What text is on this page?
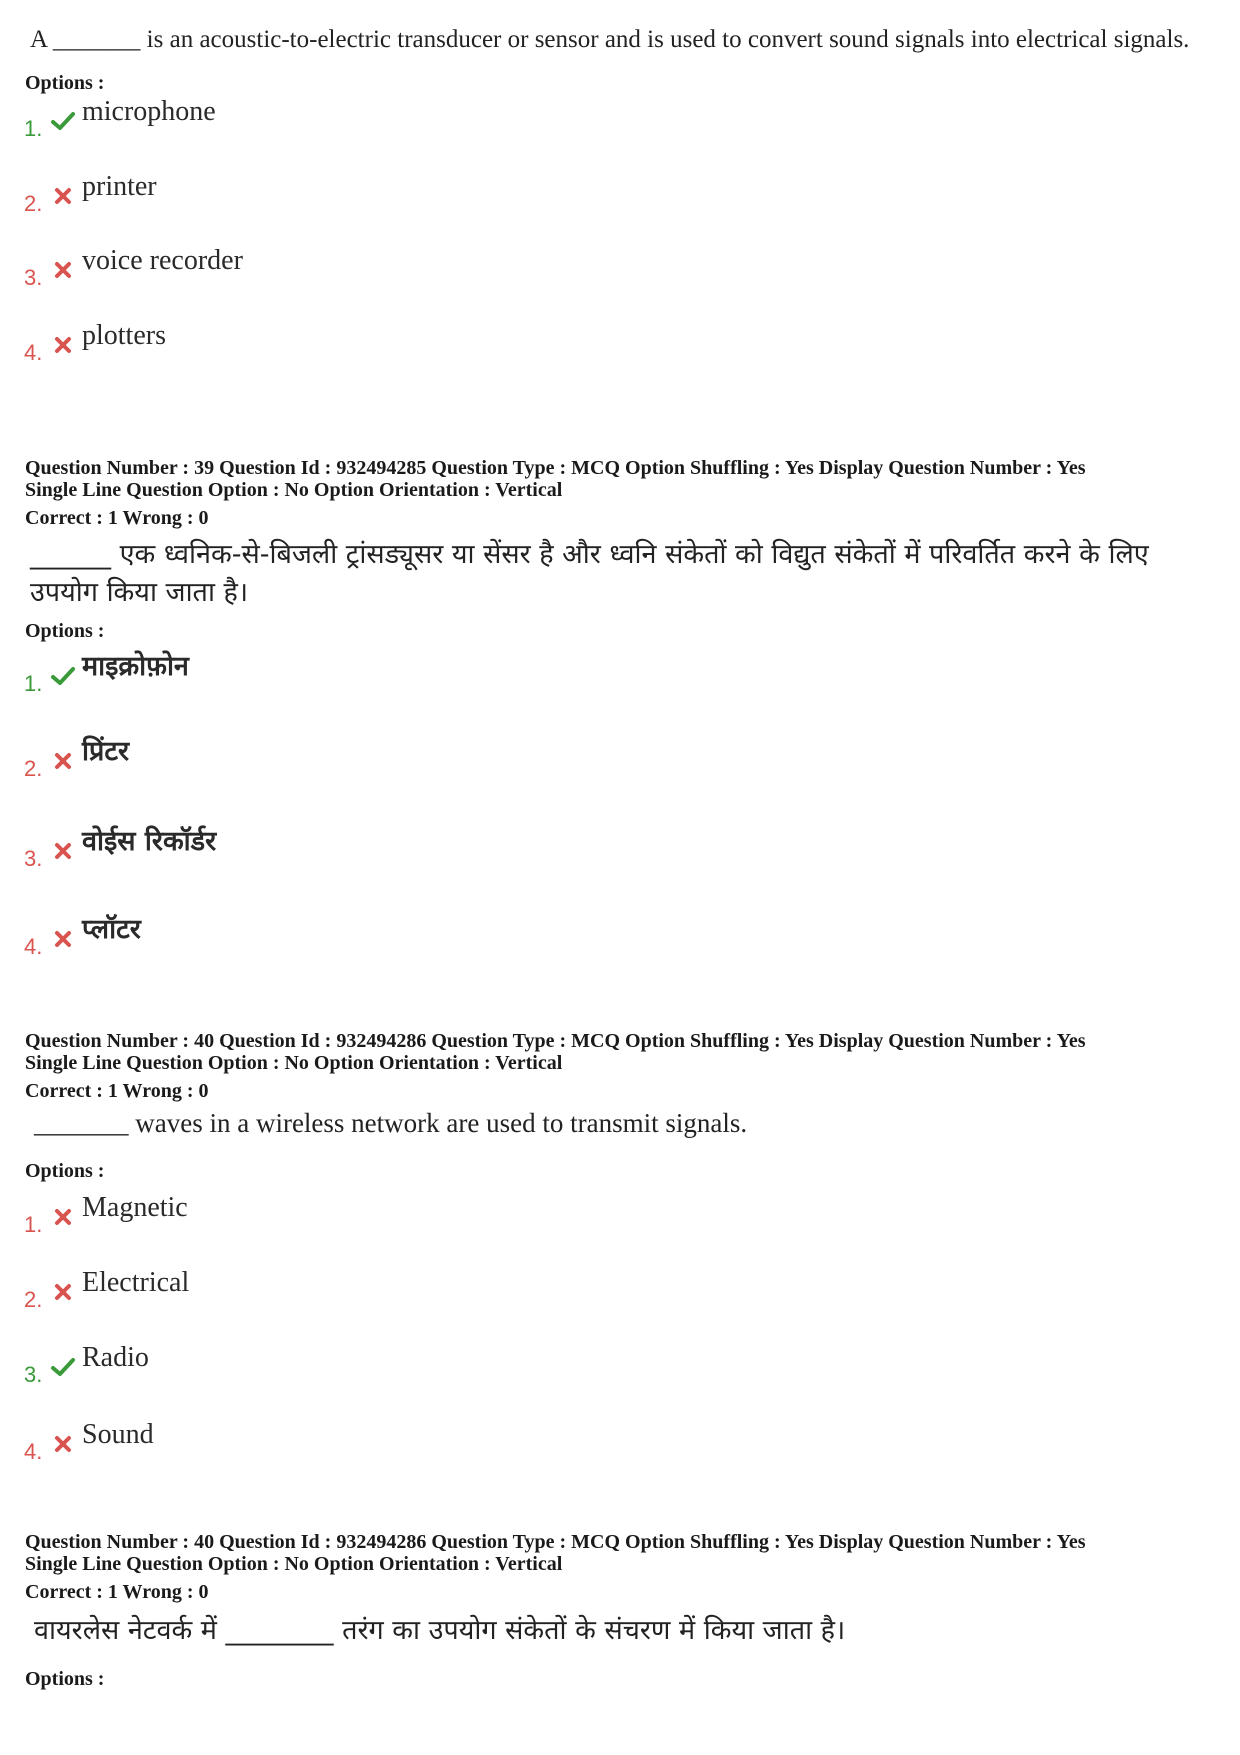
A _______ is an acoustic-to-electric transducer or sensor and is used to convert sound signals into electrical signals.
Options :
1.
microphone
2.
printer
3.
voice recorder
4.
plotters
Question Number : 39 Question Id : 932494285 Question Type : MCQ Option Shuffling : Yes Display Question Number : Yes
Single Line Question Option : No Option Orientation : Vertical
Correct : 1 Wrong : 0
______ एक ध्वनिक-से-बिजली ट्रांसड्यूसर या सेंसर है और ध्वनि संकेतों को विद्युत संकेतों में परिवर्तित करने के लिए उपयोग किया जाता है।
Options :
1.
माइक्रोफ़ोन
2.
प्रिंटर
3.
वोईस रिकॉर्डर
4.
प्लॉटर
Question Number : 40 Question Id : 932494286 Question Type : MCQ Option Shuffling : Yes Display Question Number : Yes
Single Line Question Option : No Option Orientation : Vertical
Correct : 1 Wrong : 0
_______ waves in a wireless network are used to transmit signals.
Options :
1.
Magnetic
2.
Electrical
3.
Radio
4.
Sound
Question Number : 40 Question Id : 932494286 Question Type : MCQ Option Shuffling : Yes Display Question Number : Yes
Single Line Question Option : No Option Orientation : Vertical
Correct : 1 Wrong : 0
वायरलेस नेटवर्क में ________ तरंग का उपयोग संकेतों के संचरण में किया जाता है।
Options :
